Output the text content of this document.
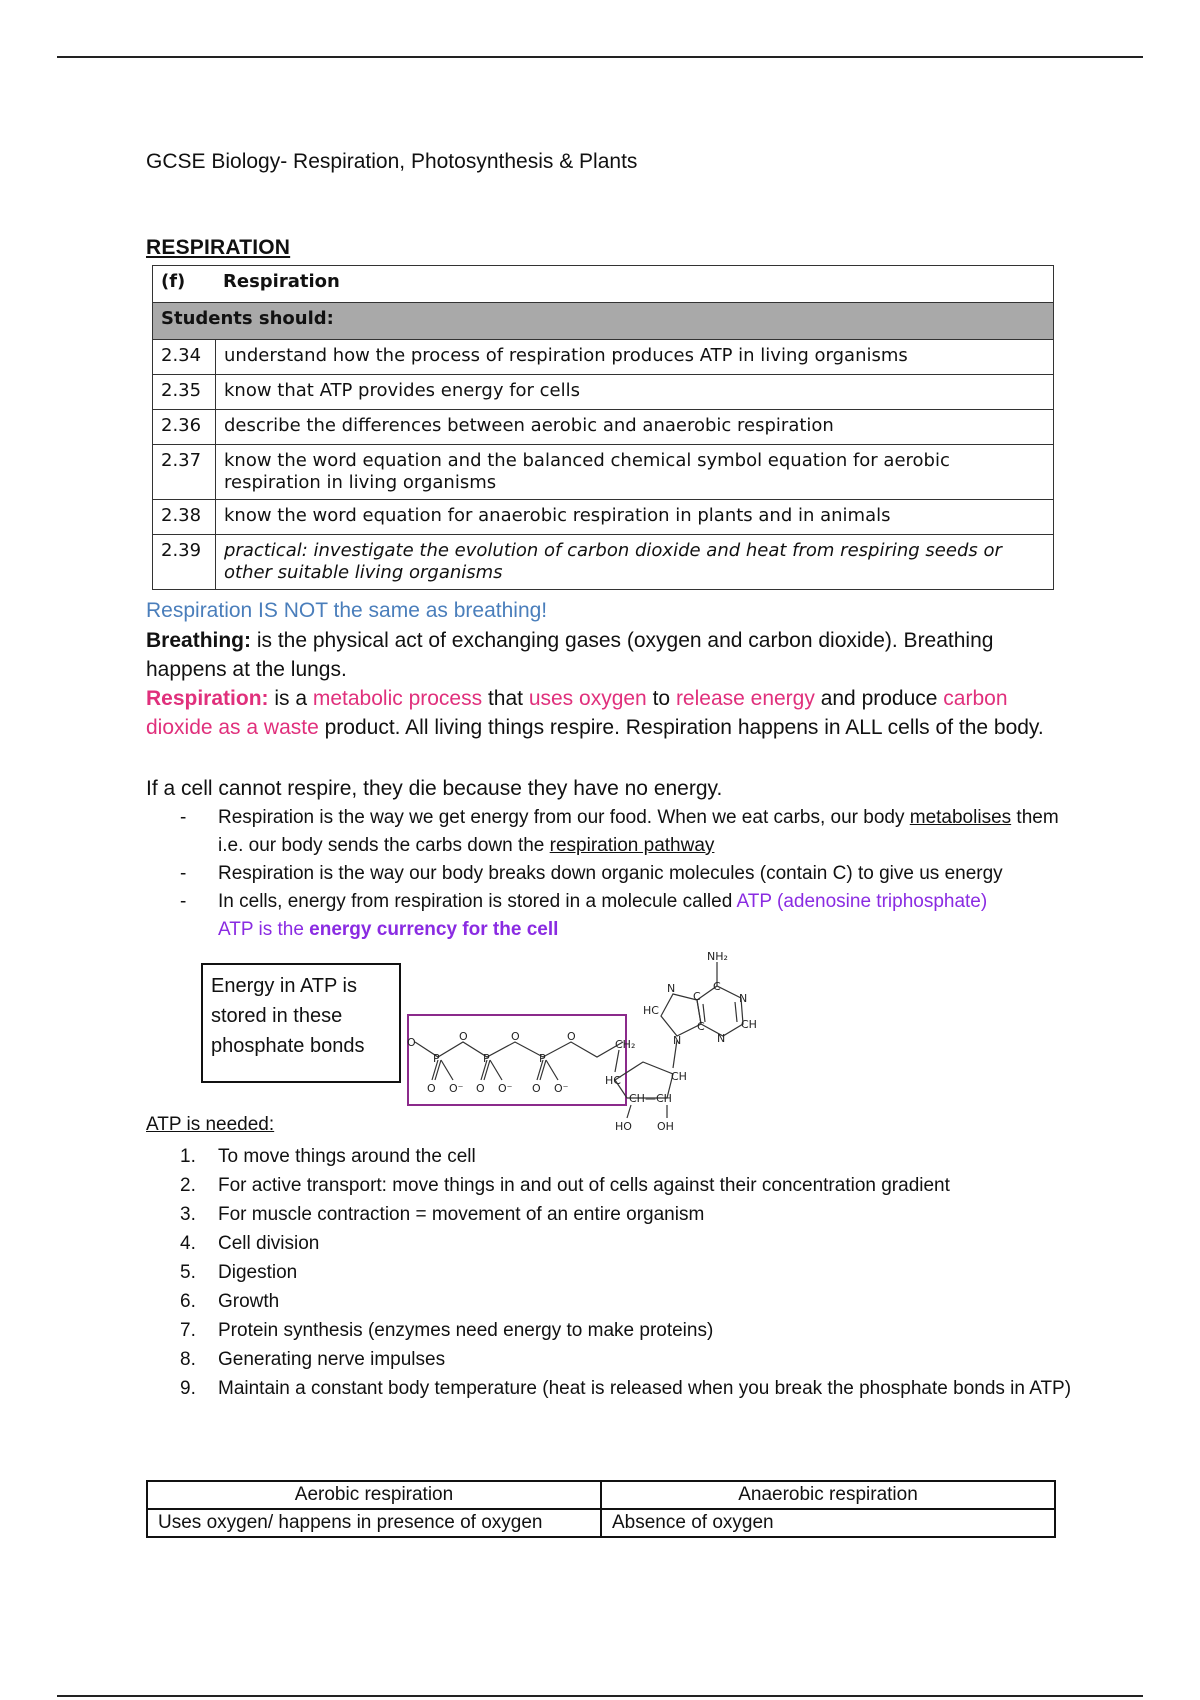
GCSE Biology- Respiration, Photosynthesis & Plants
RESPIRATION
(f) Respiration	
Students should:	
2.34	understand how the process of respiration produces ATP in living organisms
2.35	know that ATP provides energy for cells
2.36	describe the differences between aerobic and anaerobic respiration
2.37	know the word equation and the balanced chemical symbol equation for aerobic respiration in living organisms
2.38	know the word equation for anaerobic respiration in plants and in animals
2.39	practical: investigate the evolution of carbon dioxide and heat from respiring seeds or other suitable living organisms
Respiration IS NOT the same as breathing!
Breathing: is the physical act of exchanging gases (oxygen and carbon dioxide). Breathing happens at the lungs.
Respiration: is a metabolic process that uses oxygen to release energy and produce carbon dioxide as a waste product. All living things respire. Respiration happens in ALL cells of the body.
If a cell cannot respire, they die because they have no energy.
- Respiration is the way we get energy from our food. When we eat carbs, our body metabolises them i.e. our body sends the carbs down the respiration pathway
- Respiration is the way our body breaks down organic molecules (contain C) to give us energy
- In cells, energy from respiration is stored in a molecule called ATP (adenosine triphosphate)
ATP is the energy currency for the cell
Energy in ATP is stored in these phosphate bonds	O
P
O
P
O
P
O
O O⁻ O O⁻ O O⁻
CH₂
HC	CH
CH—CH
HO OH
NH₂
HC
N
N
C
C
N
CH
N
C
ATP is needed:
1. To move things around the cell
2. For active transport: move things in and out of cells against their concentration gradient
3. For muscle contraction = movement of an entire organism
4. Cell division
5. Digestion
6. Growth
7. Protein synthesis (enzymes need energy to make proteins)
8. Generating nerve impulses
9. Maintain a constant body temperature (heat is released when you break the phosphate bonds in ATP)
Aerobic respiration	Anaerobic respiration
Uses oxygen/ happens in presence of oxygen	Absence of oxygen
